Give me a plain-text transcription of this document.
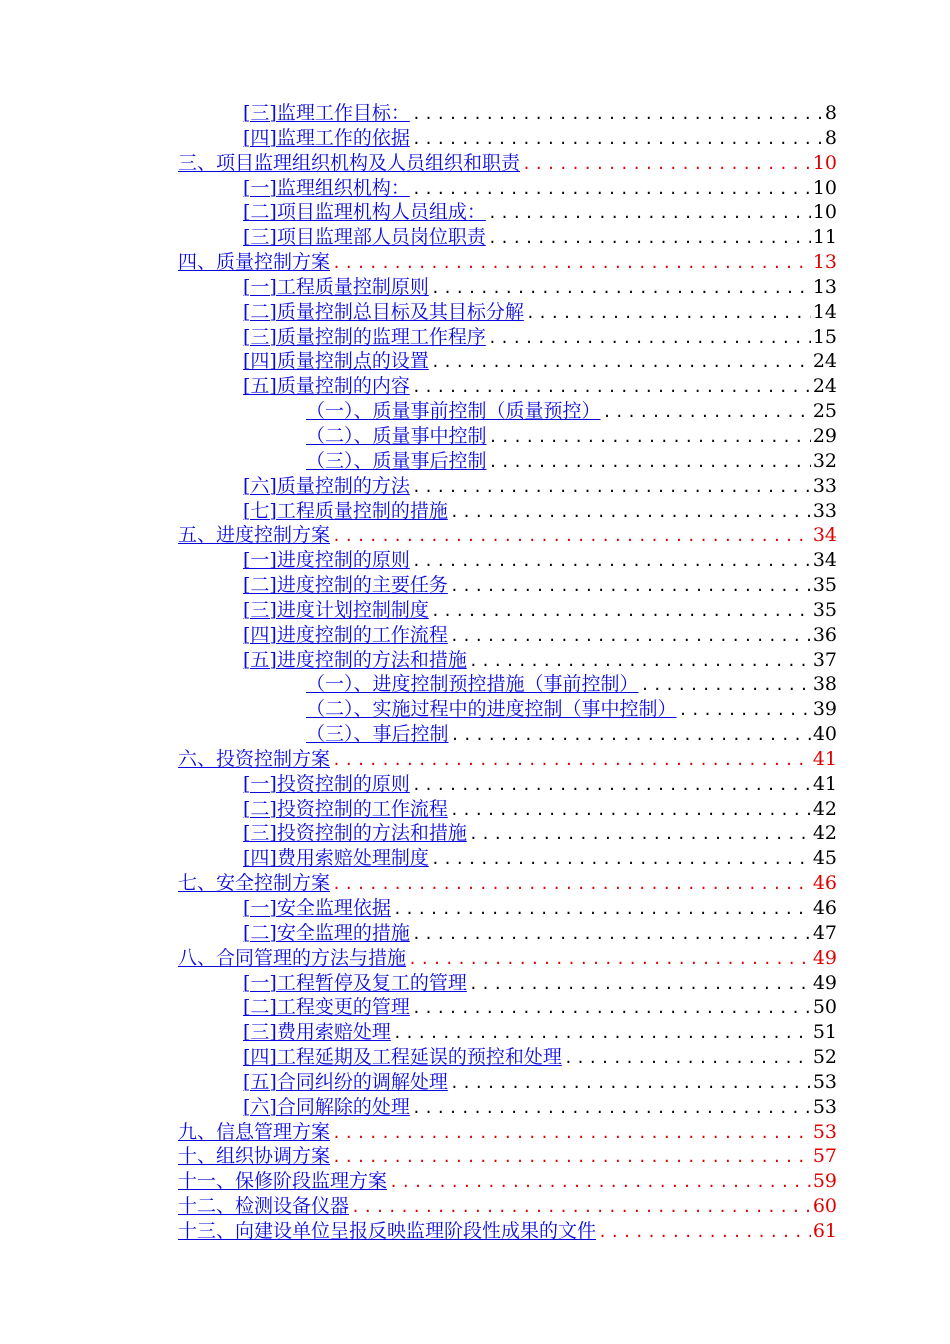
[三]监理工作目标： .....	8
[四]监理工作的依据 .....	8
三、项目监理组织机构及人员组织和职责 .....	10
[一]监理组织机构： .....	10
[二]项目监理机构人员组成： .....	10
[三]项目监理部人员岗位职责 .....	11
四、质量控制方案 .....	13
[一]工程质量控制原则 .....	13
[二]质量控制总目标及其目标分解 .....	14
[三]质量控制的监理工作程序 .....	15
[四]质量控制点的设置 .....	24
[五]质量控制的内容 .....	24
（一）、质量事前控制（质量预控） .....	25
（二）、质量事中控制 .....	29
（三）、质量事后控制 .....	32
[六]质量控制的方法 .....	33
[七]工程质量控制的措施 .....	33
五、进度控制方案 .....	34
[一]进度控制的原则 .....	34
[二]进度控制的主要任务 .....	35
[三]进度计划控制制度 .....	35
[四]进度控制的工作流程 .....	36
[五]进度控制的方法和措施 .....	37
（一）、进度控制预控措施（事前控制） .....	38
（二）、实施过程中的进度控制（事中控制） .....	39
（三）、事后控制 .....	40
六、投资控制方案 .....	41
[一]投资控制的原则 .....	41
[二]投资控制的工作流程 .....	42
[三]投资控制的方法和措施 .....	42
[四]费用索赔处理制度 .....	45
七、安全控制方案 .....	46
[一]安全监理依据 .....	46
[二]安全监理的措施 .....	47
八、合同管理的方法与措施 .....	49
[一]工程暂停及复工的管理 .....	49
[二]工程变更的管理 .....	50
[三]费用索赔处理 .....	51
[四]工程延期及工程延误的预控和处理 .....	52
[五]合同纠纷的调解处理 .....	53
[六]合同解除的处理 .....	53
九、信息管理方案 .....	53
十、组织协调方案 .....	57
十一、保修阶段监理方案 .....	59
十二、检测设备仪器 .....	60
十三、向建设单位呈报反映监理阶段性成果的文件 .....	61
